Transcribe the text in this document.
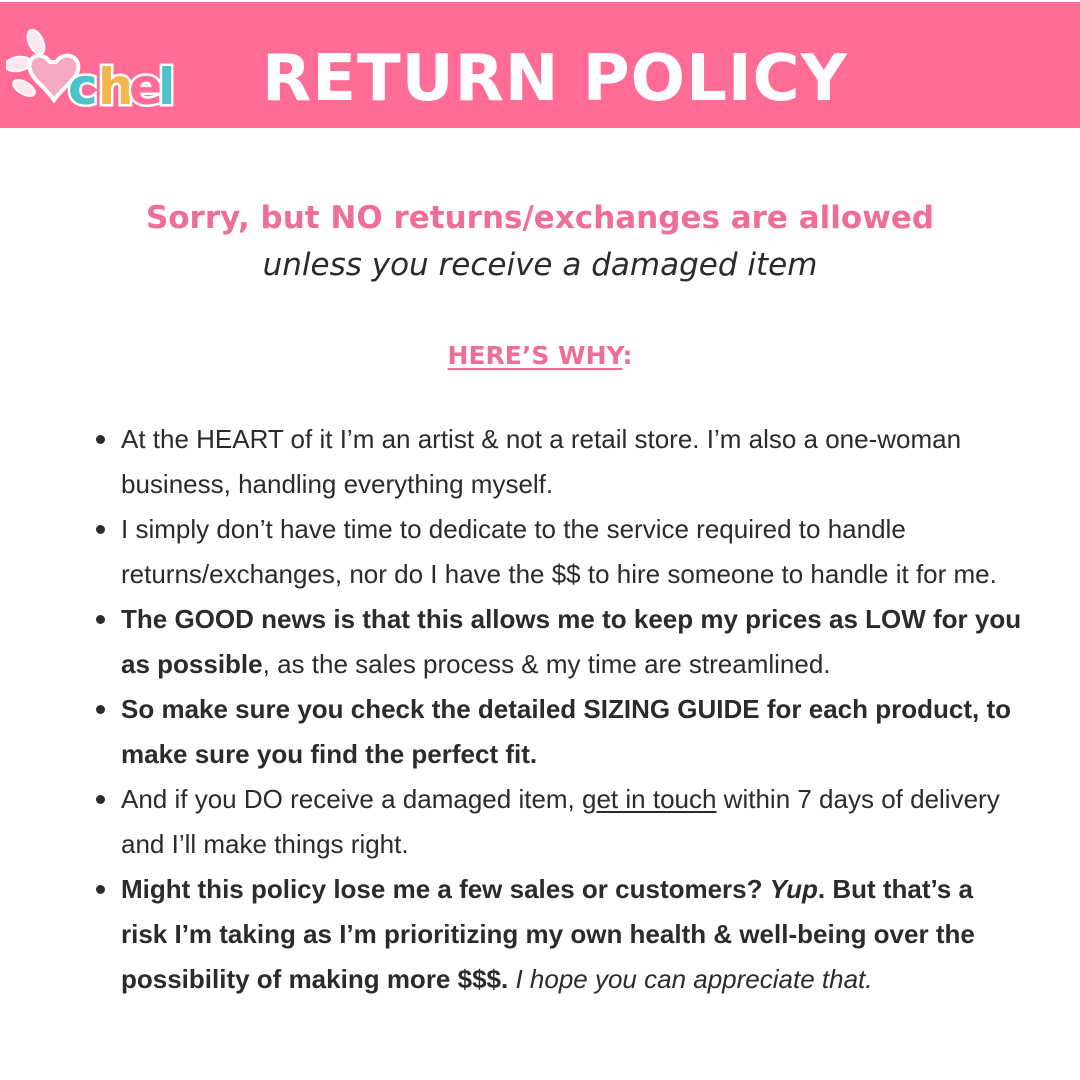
c h
e
l RETURN POLICY
Sorry, but NO returns/exchanges are allowed
unless you receive a damaged item
HERE’S WHY:
At the HEART of it I’m an artist & not a retail store. I’m also a one-woman business, handling everything myself.
I simply don’t have time to dedicate to the service required to handle returns/exchanges, nor do I have the $$ to hire someone to handle it for me.
The GOOD news is that this allows me to keep my prices as LOW for you as possible, as the sales process & my time are streamlined.
So make sure you check the detailed SIZING GUIDE for each product, to make sure you find the perfect fit.
And if you DO receive a damaged item, get in touch within 7 days of delivery and I’ll make things right.
Might this policy lose me a few sales or customers? Yup. But that’s a risk I’m taking as I’m prioritizing my own health & well-being over the possibility of making more $$$. I hope you can appreciate that.
